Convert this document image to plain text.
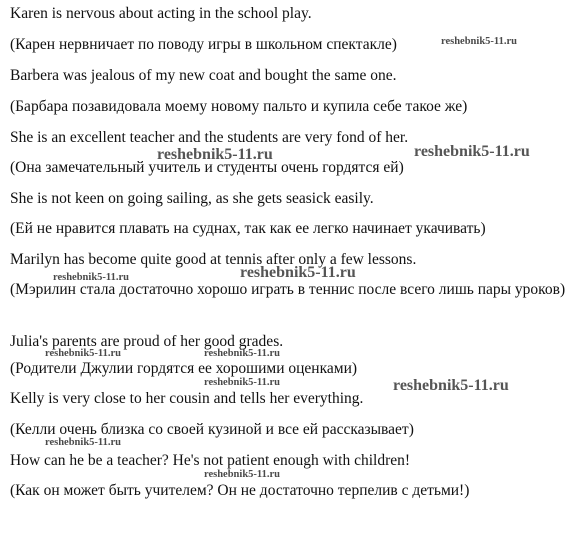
Karen is nervous about acting in the school play.
(Карен нервничает по поводу игры в школьном спектакле)
Barbera was jealous of my new coat and bought the same one.
(Барбара позавидовала моему новому пальто и купила себе такое же)
She is an excellent teacher and the students are very fond of her.
(Она замечательный учитель и студенты очень гордятся ей)
She is not keen on going sailing, as she gets seasick easily.
(Ей не нравится плавать на суднах, так как ее легко начинает укачивать)
Marilyn has become quite good at tennis after only a few lessons.
(Мэрилин стала достаточно хорошо играть в теннис после всего лишь пары уроков)
Julia's parents are proud of her good grades.
(Родители Джулии гордятся ее хорошими оценками)
Kelly is very close to her cousin and tells her everything.
(Келли очень близка со своей кузиной и все ей рассказывает)
How can he be a teacher? He's not patient enough with children!
(Как он может быть учителем? Он не достаточно терпелив с детьми!)
reshebnik5-11.ru
reshebnik5-11.ru	reshebnik5-11.ru
reshebnik5-11.ru	reshebnik5-11.ru
reshebnik5-11.ru	reshebnik5-11.ru
reshebnik5-11.ru	reshebnik5-11.ru
reshebnik5-11.ru
reshebnik5-11.ru
